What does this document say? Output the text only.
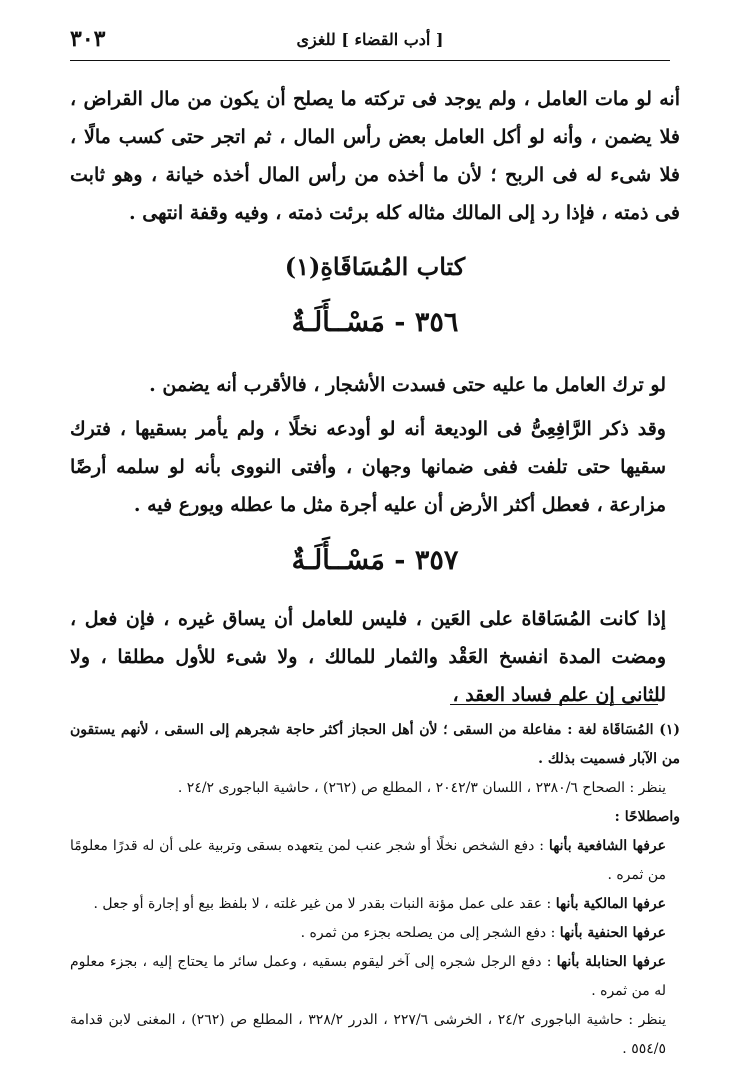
٣٠٣	[ أدب القضاء ] للغزى

أنه لو مات العامل ، ولم يوجد فى تركته ما يصلح أن يكون من مال القراض ، فلا يضمن ، وأنه لو أكل العامل بعض رأس المال ، ثم اتجر حتى كسب مالًا ، فلا شىء له فى الربح ؛ لأن ما أخذه من رأس المال أخذه خيانة ، وهو ثابت فى ذمته ، فإذا رد إلى المالك مثاله كله برئت ذمته ، وفيه وقفة انتهى .

كتاب المُسَاقَاةِ(١)

٣٥٦ - مَسْــأَلَـةٌ

لو ترك العامل ما عليه حتى فسدت الأشجار ، فالأقرب أنه يضمن .

وقد ذكر الرَّافِعِىُّ فى الوديعة أنه لو أودعه نخلًا ، ولم يأمر بسقيها ، فترك سقيها حتى تلفت ففى ضمانها وجهان ، وأفتى النووى بأنه لو سلمه أرضًا مزارعة ، فعطل أكثر الأرض أن عليه أجرة مثل ما عطله ويورع فيه .

٣٥٧ - مَسْــأَلَـةٌ

إذا كانت المُسَاقاة على العَين ، فليس للعامل أن يساق غيره ، فإن فعل ، ومضت المدة انفسخ العَقْد والثمار للمالك ، ولا شىء للأول مطلقا ، ولا للثانى إن علم فساد العقد ،

(١) المُسَاقَاة لغة : مفاعلة من السقى ؛ لأن أهل الحجاز أكثر حاجة شجرهم إلى السقى ، لأنهم يستقون من الآبار فسميت بذلك .

ينظر : الصحاح ٢٣٨٠/٦ ، اللسان ٢٠٤٢/٣ ، المطلع ص (٢٦٢) ، حاشية الباجورى ٢٤/٢ .

واصطلاحًا :

عرفها الشافعية بأنها : دفع الشخص نخلًا أو شجر عنب لمن يتعهده بسقى وتربية على أن له قدرًا معلومًا من ثمره .

عرفها المالكية بأنها : عقد على عمل مؤنة النبات بقدر لا من غير غلته ، لا بلفظ بيع أو إجارة أو جعل .

عرفها الحنفية بأنها : دفع الشجر إلى من يصلحه بجزء من ثمره .

عرفها الحنابلة بأنها : دفع الرجل شجره إلى آخر ليقوم بسقيه ، وعمل سائر ما يحتاج إليه ، بجزء معلوم له من ثمره .

ينظر : حاشية الباجورى ٢٤/٢ ، الخرشى ٢٢٧/٦ ، الدرر ٣٢٨/٢ ، المطلع ص (٢٦٢) ، المغنى لابن قدامة ٥٥٤/٥ .
